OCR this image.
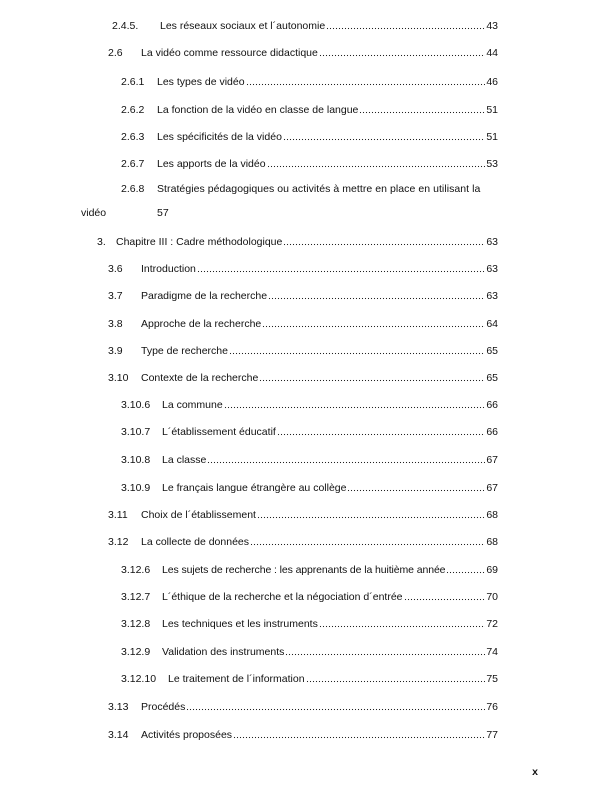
2.4.5.	Les réseaux sociaux et l´autonomie	43
2.6	La vidéo comme ressource didactique	44
2.6.1	Les types de vidéo	46
2.6.2	La fonction de la vidéo en classe de langue	51
2.6.3	Les spécificités de la vidéo	51
2.6.7	Les apports de la vidéo	53
2.6.8	Stratégies pédagogiques ou activités à mettre en place en utilisant la
vidéo	57
3. Chapitre III : Cadre méthodologique	63
3.6	Introduction	63
3.7	Paradigme de la recherche	63
3.8	Approche de la recherche	64
3.9	Type de recherche	65
3.10	Contexte de la recherche	65
3.10.6	La commune	66
3.10.7	L´établissement éducatif	66
3.10.8	La classe	67
3.10.9	Le français langue étrangère au collège	67
3.11	Choix de l´établissement	68
3.12	La collecte de données	68
3.12.6	Les sujets de recherche : les apprenants de la huitième année	69
3.12.7	L´éthique de la recherche et la négociation d´entrée	70
3.12.8	Les techniques et les instruments	72
3.12.9	Validation des instruments	74
3.12.10	Le traitement de l´information	75
3.13	Procédés	76
3.14	Activités proposées	77
x
